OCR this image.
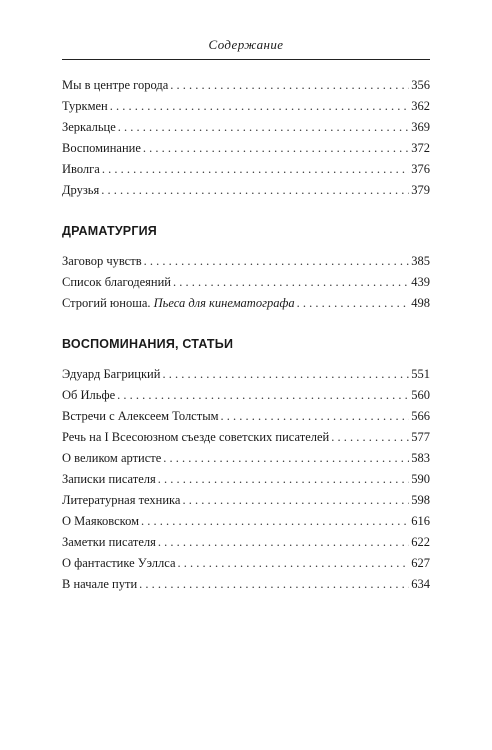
Содержание
Мы в центре города . . .	356
Туркмен . . .	362
Зеркальце . . .	369
Воспоминание . . .	372
Иволга . . .	376
Друзья . . .	379
ДРАМАТУРГИЯ
Заговор чувств . . .	385
Список благодеяний . . .	439
Строгий юноша. Пьеса для кинематографа . . .	498
ВОСПОМИНАНИЯ, СТАТЬИ
Эдуард Багрицкий . . .	551
Об Ильфе . . .	560
Встречи с Алексеем Толстым . . .	566
Речь на I Всесоюзном съезде советских писателей . . .	577
О великом артисте . . .	583
Записки писателя . . .	590
Литературная техника . . .	598
О Маяковском . . .	616
Заметки писателя . . .	622
О фантастике Уэллса . . .	627
В начале пути . . .	634
